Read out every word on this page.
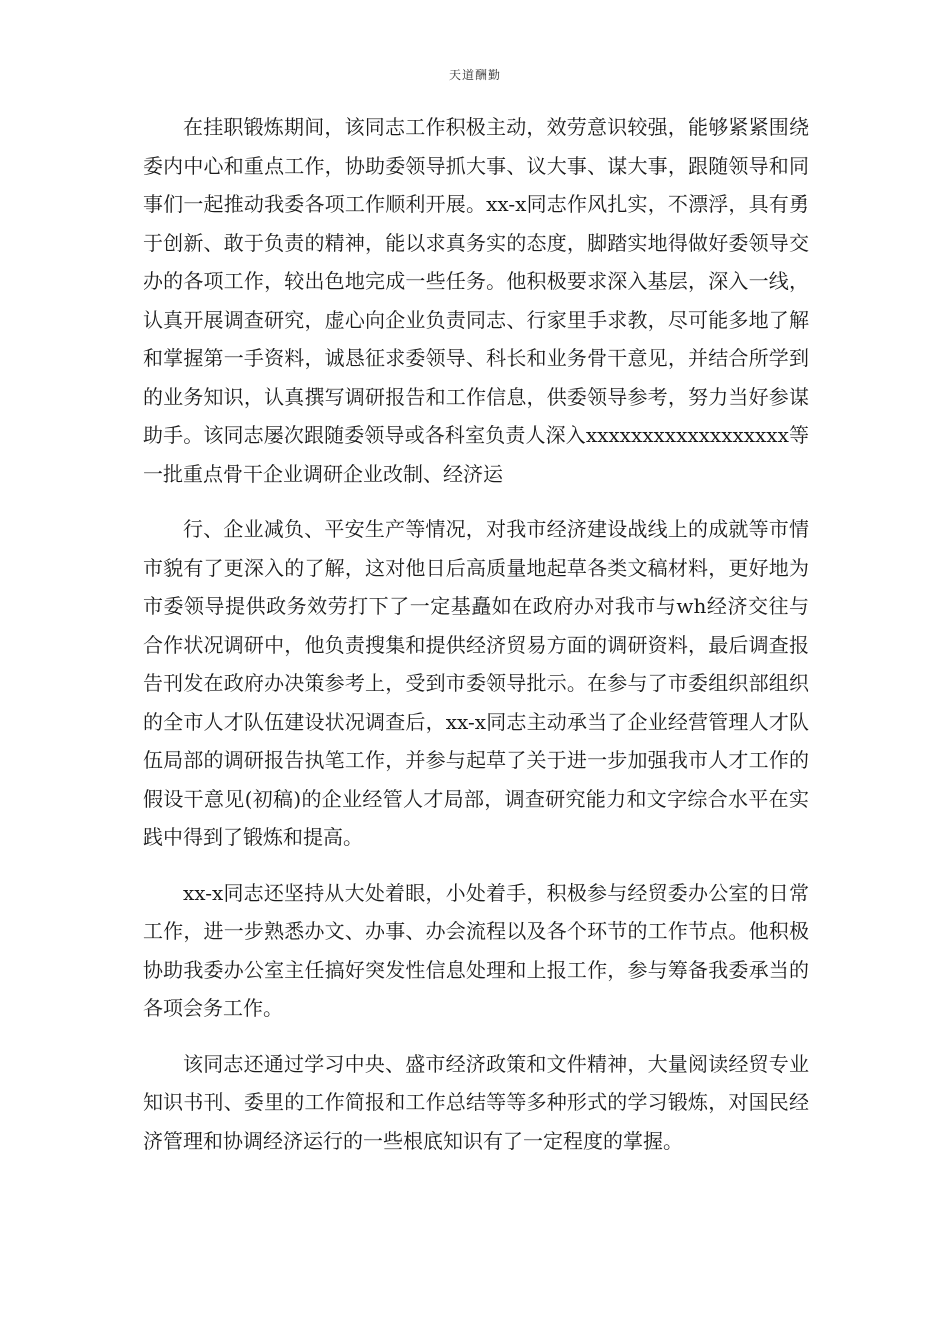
天道酬勤

在挂职锻炼期间，该同志工作积极主动，效劳意识较强，能够紧紧围绕委内中心和重点工作，协助委领导抓大事、议大事、谋大事，跟随领导和同事们一起推动我委各项工作顺利开展。xx-x同志作风扎实，不漂浮，具有勇于创新、敢于负责的精神，能以求真务实的态度，脚踏实地得做好委领导交办的各项工作，较出色地完成一些任务。他积极要求深入基层，深入一线，认真开展调查研究，虚心向企业负责同志、行家里手求教，尽可能多地了解和掌握第一手资料，诚恳征求委领导、科长和业务骨干意见，并结合所学到的业务知识，认真撰写调研报告和工作信息，供委领导参考，努力当好参谋助手。该同志屡次跟随委领导或各科室负责人深入xxxxxxxxxxxxxxxxxx等一批重点骨干企业调研企业改制、经济运

行、企业减负、平安生产等情况，对我市经济建设战线上的成就等市情市貌有了更深入的了解，这对他日后高质量地起草各类文稿材料，更好地为市委领导提供政务效劳打下了一定基矗如在政府办对我市与wh经济交往与合作状况调研中，他负责搜集和提供经济贸易方面的调研资料，最后调查报告刊发在政府办决策参考上，受到市委领导批示。在参与了市委组织部组织的全市人才队伍建设状况调查后，xx-x同志主动承当了企业经营管理人才队伍局部的调研报告执笔工作，并参与起草了关于进一步加强我市人才工作的假设干意见(初稿)的企业经管人才局部，调查研究能力和文字综合水平在实践中得到了锻炼和提高。

xx-x同志还坚持从大处着眼，小处着手，积极参与经贸委办公室的日常工作，进一步熟悉办文、办事、办会流程以及各个环节的工作节点。他积极协助我委办公室主任搞好突发性信息处理和上报工作，参与筹备我委承当的各项会务工作。

该同志还通过学习中央、盛市经济政策和文件精神，大量阅读经贸专业知识书刊、委里的工作简报和工作总结等等多种形式的学习锻炼，对国民经济管理和协调经济运行的一些根底知识有了一定程度的掌握。
